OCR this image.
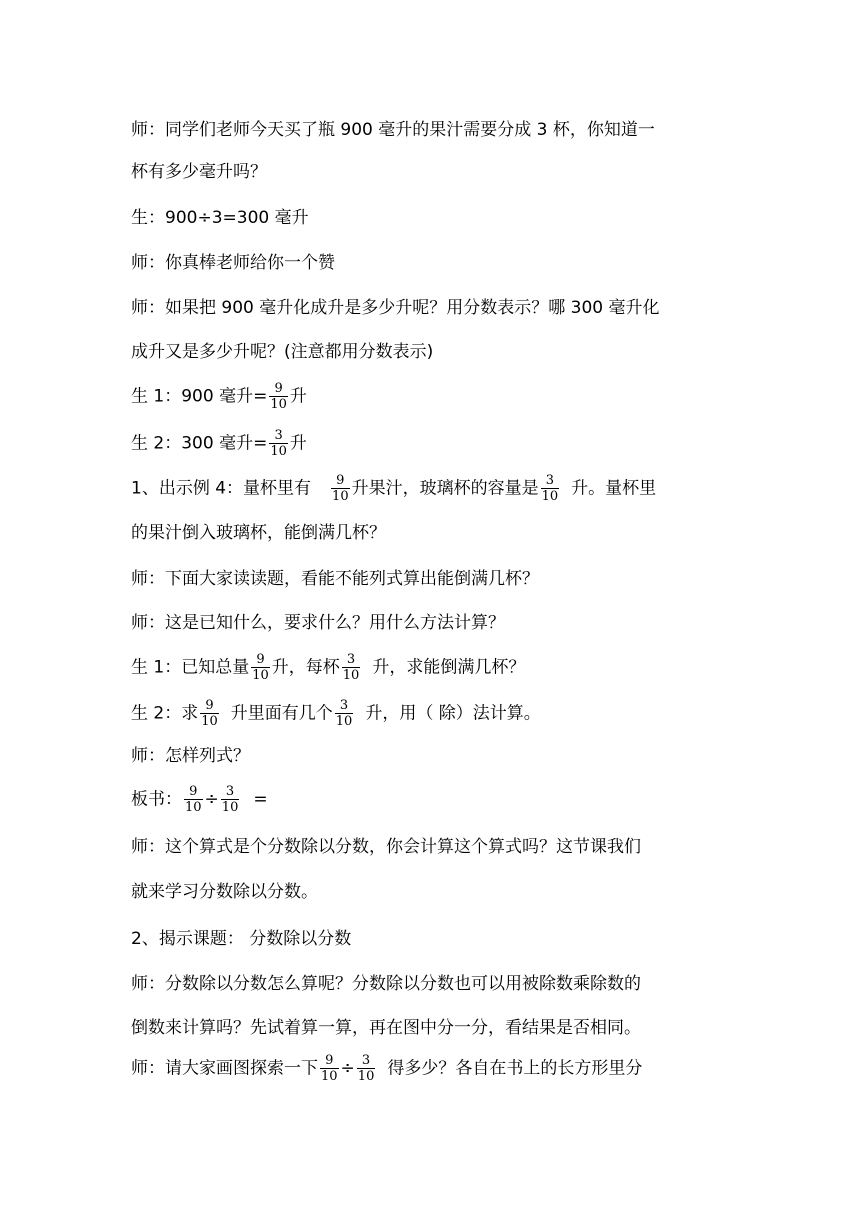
师：同学们老师今天买了瓶 900 毫升的果汁需要分成 3 杯，你知道一
杯有多少毫升吗？
生：900÷3=300 毫升
师：你真棒老师给你一个赞
师：如果把 900 毫升化成升是多少升呢？用分数表示？哪 300 毫升化
成升又是多少升呢？(注意都用分数表示)
生 1：900 毫升= $\frac{9}{10}$ 升
生 2：300 毫升= $\frac{3}{10}$ 升
1、出示例 4：量杯里有 $\frac{9}{10}$ 升果汁，玻璃杯的容量是 $\frac{3}{10}$ 升。量杯里
的果汁倒入玻璃杯，能倒满几杯？
师：下面大家读读题，看能不能列式算出能倒满几杯？
师：这是已知什么，要求什么？用什么方法计算？
生 1：已知总量 $\frac{9}{10}$ 升，每杯 $\frac{3}{10}$ 升，求能倒满几杯？
生 2：求 $\frac{9}{10}$ 升里面有几个 $\frac{3}{10}$ 升，用（ 除）法计算。
师：怎样列式？
板书： $\frac{9}{10} \div \frac{3}{10}$ =
师：这个算式是个分数除以分数，你会计算这个算式吗？这节课我们
就来学习分数除以分数。
2、揭示课题： 分数除以分数
师：分数除以分数怎么算呢？分数除以分数也可以用被除数乘除数的
倒数来计算吗？先试着算一算，再在图中分一分，看结果是否相同。
师：请大家画图探索一下 $\frac{9}{10} \div \frac{3}{10}$ 得多少？各自在书上的长方形里分
